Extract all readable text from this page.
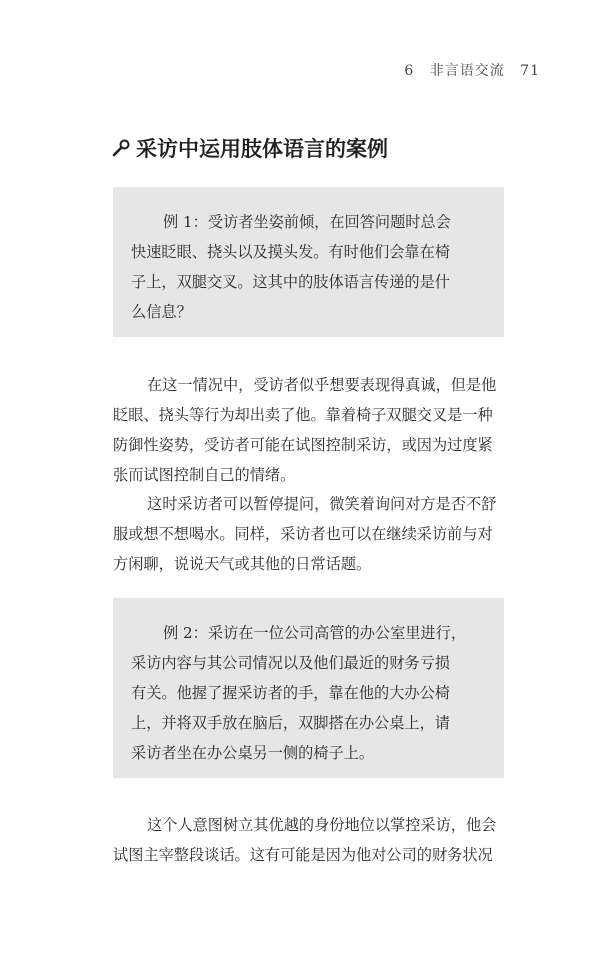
6 非言语交流 71
采访中运用肢体语言的案例
例 1：受访者坐姿前倾，在回答问题时总会
快速眨眼、挠头以及摸头发。有时他们会靠在椅
子上，双腿交叉。这其中的肢体语言传递的是什
么信息？
在这一情况中，受访者似乎想要表现得真诚，但是他
眨眼、挠头等行为却出卖了他。靠着椅子双腿交叉是一种
防御性姿势，受访者可能在试图控制采访，或因为过度紧
张而试图控制自己的情绪。
这时采访者可以暂停提问，微笑着询问对方是否不舒
服或想不想喝水。同样，采访者也可以在继续采访前与对
方闲聊，说说天气或其他的日常话题。
例 2：采访在一位公司高管的办公室里进行，
采访内容与其公司情况以及他们最近的财务亏损
有关。他握了握采访者的手，靠在他的大办公椅
上，并将双手放在脑后，双脚搭在办公桌上，请
采访者坐在办公桌另一侧的椅子上。
这个人意图树立其优越的身份地位以掌控采访，他会
试图主宰整段谈话。这有可能是因为他对公司的财务状况
